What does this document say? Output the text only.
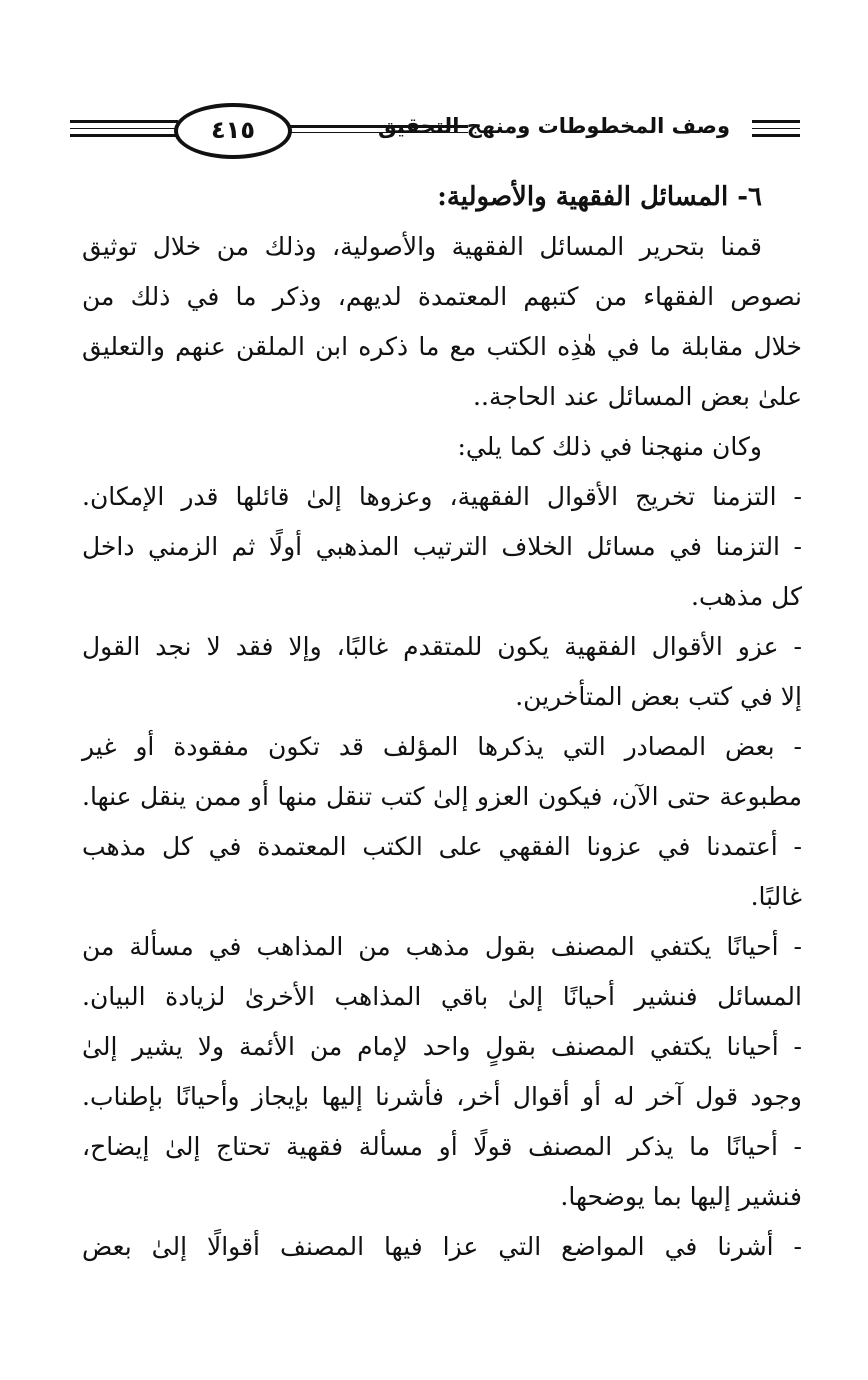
٤١٥	وصف المخطوطات ومنهج التحقيق
٦- المسائل الفقهية والأصولية:
قمنا بتحرير المسائل الفقهية والأصولية، وذلك من خلال توثيق
نصوص الفقهاء من كتبهم المعتمدة لديهم، وذكر ما في ذلك من
خلال مقابلة ما في هٰذِه الكتب مع ما ذكره ابن الملقن عنهم والتعليق
علىٰ بعض المسائل عند الحاجة..
وكان منهجنا في ذلك كما يلي:
- التزمنا تخريج الأقوال الفقهية، وعزوها إلىٰ قائلها قدر الإمكان.
- التزمنا في مسائل الخلاف الترتيب المذهبي أولًا ثم الزمني داخل
كل مذهب.
- عزو الأقوال الفقهية يكون للمتقدم غالبًا، وإلا فقد لا نجد القول
إلا في كتب بعض المتأخرين.
- بعض المصادر التي يذكرها المؤلف قد تكون مفقودة أو غير
مطبوعة حتى الآن، فيكون العزو إلىٰ كتب تنقل منها أو ممن ينقل عنها.
- أعتمدنا في عزونا الفقهي على الكتب المعتمدة في كل مذهب
غالبًا.
- أحيانًا يكتفي المصنف بقول مذهب من المذاهب في مسألة من
المسائل فنشير أحيانًا إلىٰ باقي المذاهب الأخرىٰ لزيادة البيان.
- أحيانا يكتفي المصنف بقولٍ واحد لإمام من الأئمة ولا يشير إلىٰ
وجود قول آخر له أو أقوال أخر، فأشرنا إليها بإيجاز وأحيانًا بإطناب.
- أحيانًا ما يذكر المصنف قولًا أو مسألة فقهية تحتاج إلىٰ إيضاح،
فنشير إليها بما يوضحها.
- أشرنا في المواضع التي عزا فيها المصنف أقوالًا إلىٰ بعض
